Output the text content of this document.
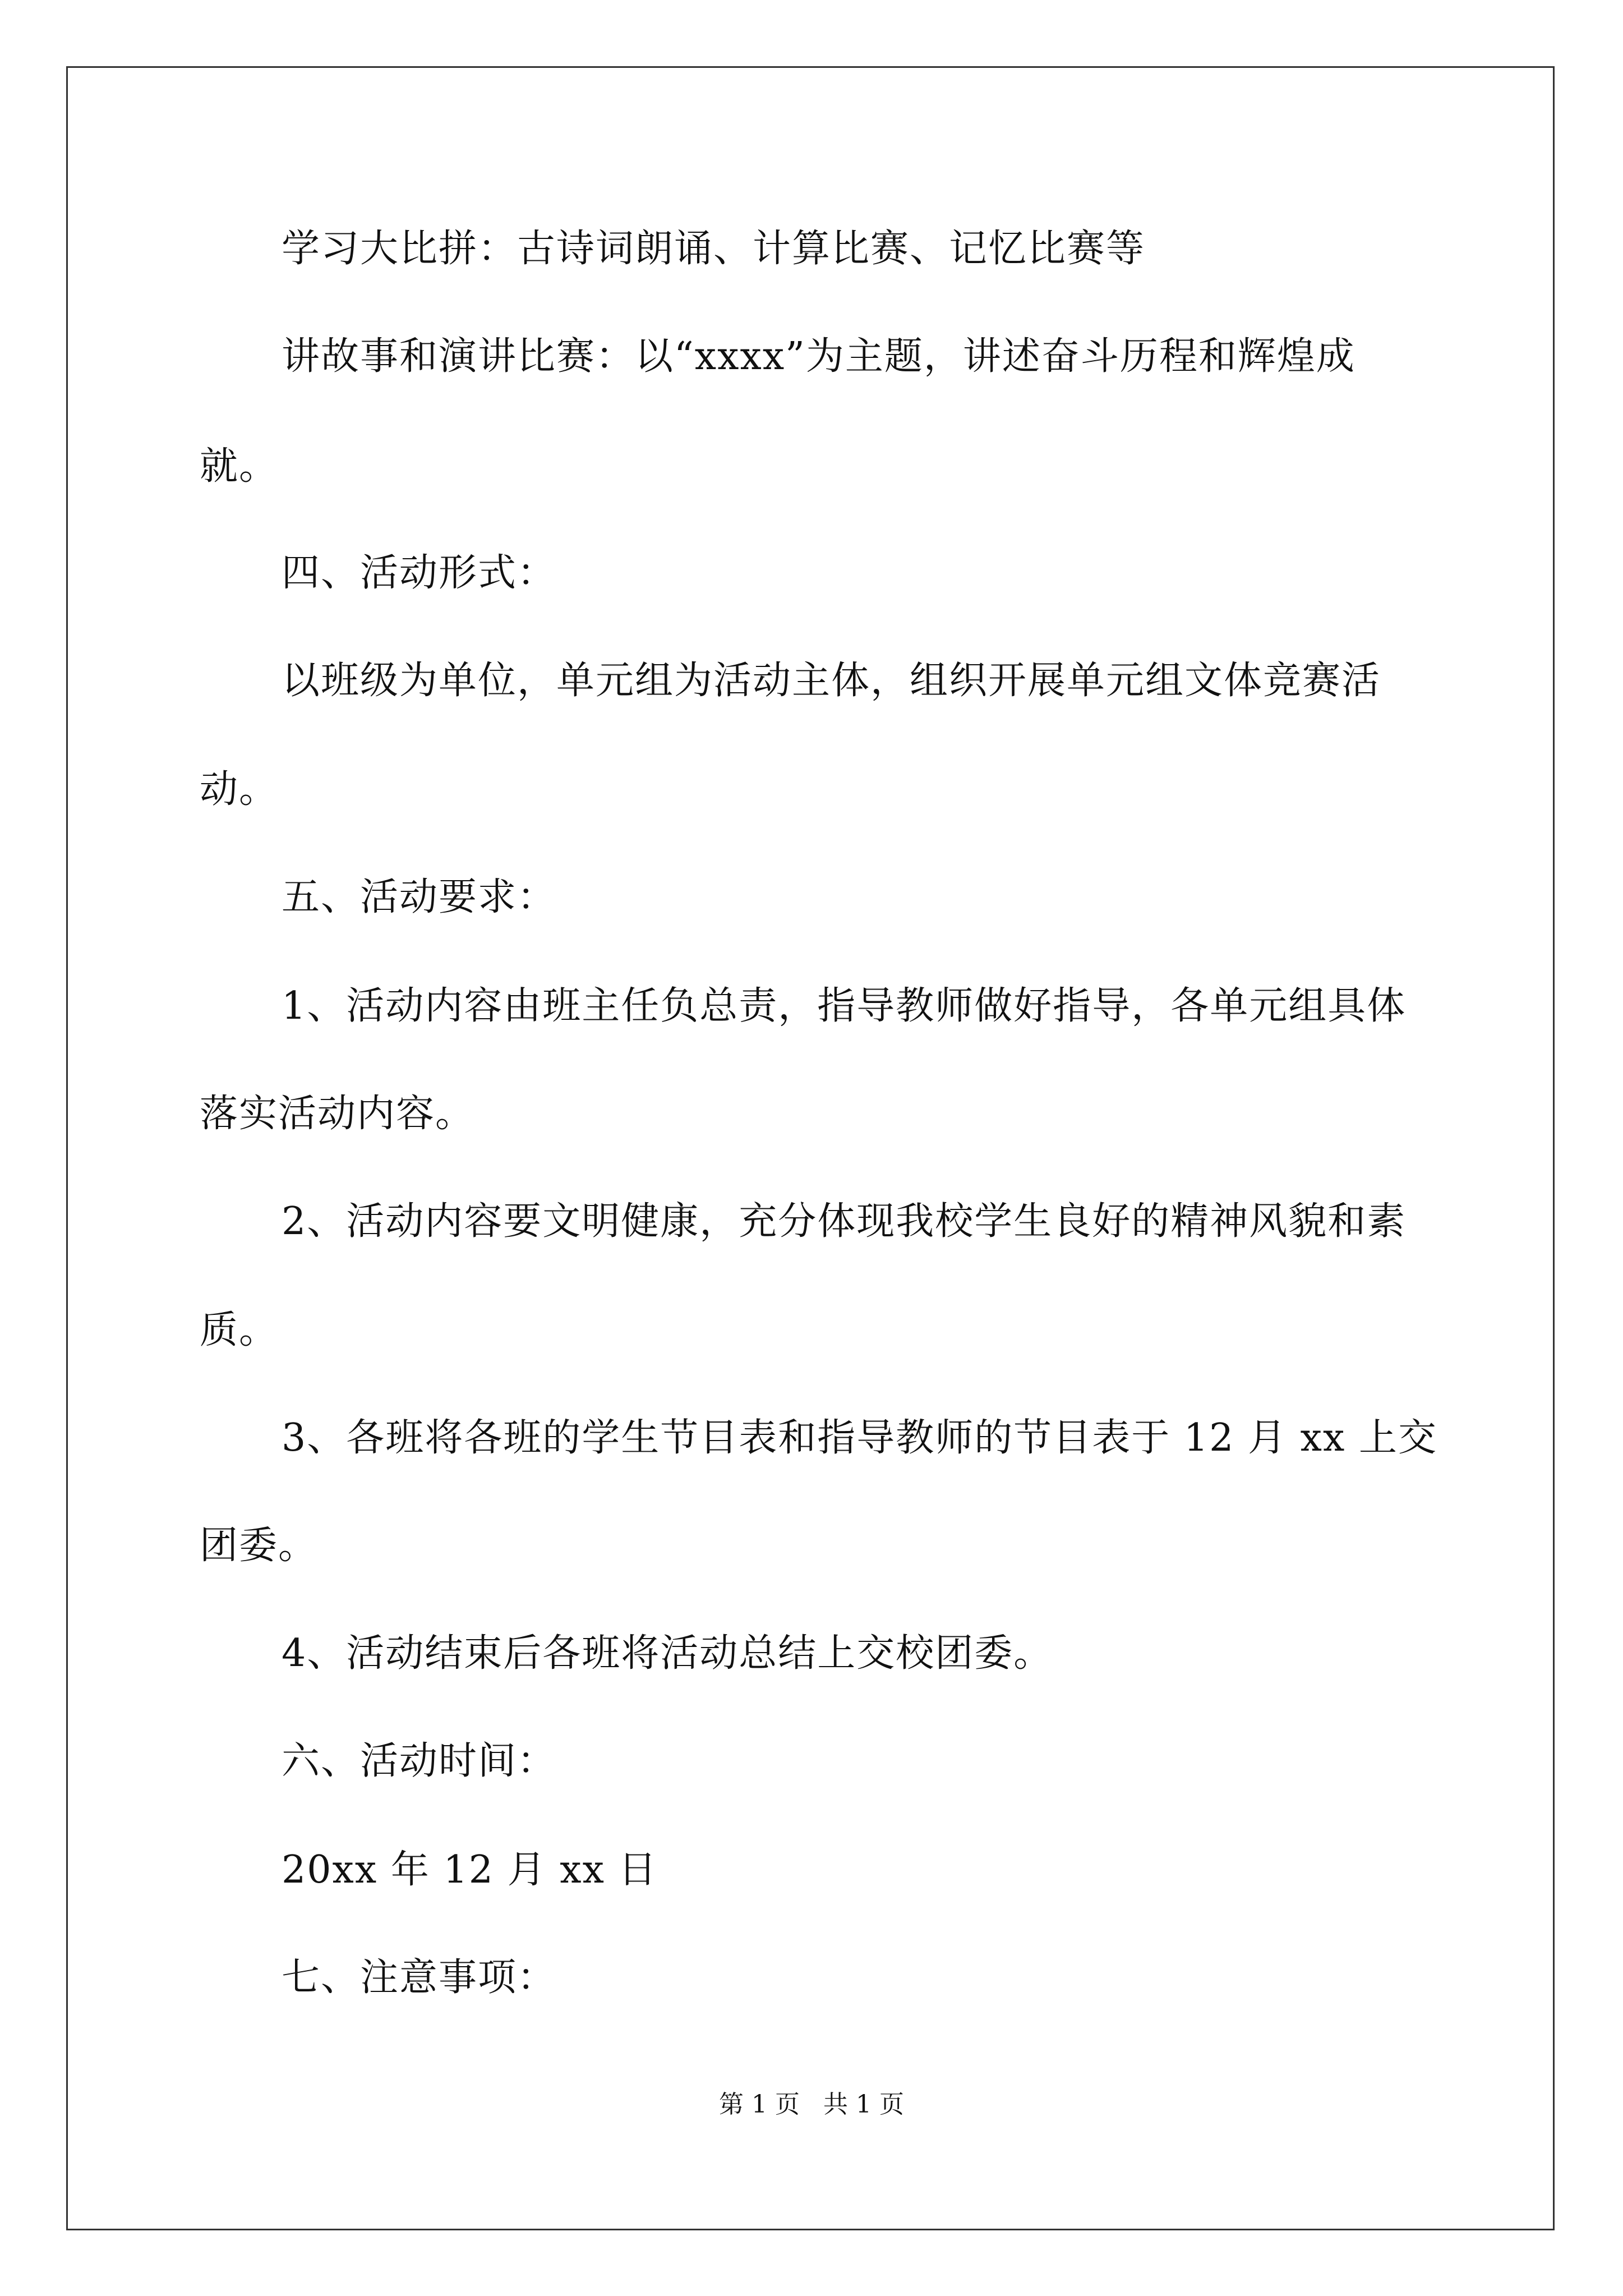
学习大比拼：古诗词朗诵、计算比赛、记忆比赛等
讲故事和演讲比赛：以“xxxx”为主题，讲述奋斗历程和辉煌成
就。
四、活动形式：
以班级为单位，单元组为活动主体，组织开展单元组文体竞赛活
动。
五、活动要求：
1、活动内容由班主任负总责，指导教师做好指导，各单元组具体
落实活动内容。
2、活动内容要文明健康，充分体现我校学生良好的精神风貌和素
质。
3、各班将各班的学生节目表和指导教师的节目表于 12 月 xx 上交
团委。
4、活动结束后各班将活动总结上交校团委。
六、活动时间：
20xx 年 12 月 xx 日
七、注意事项：
第 1 页   共 1 页
